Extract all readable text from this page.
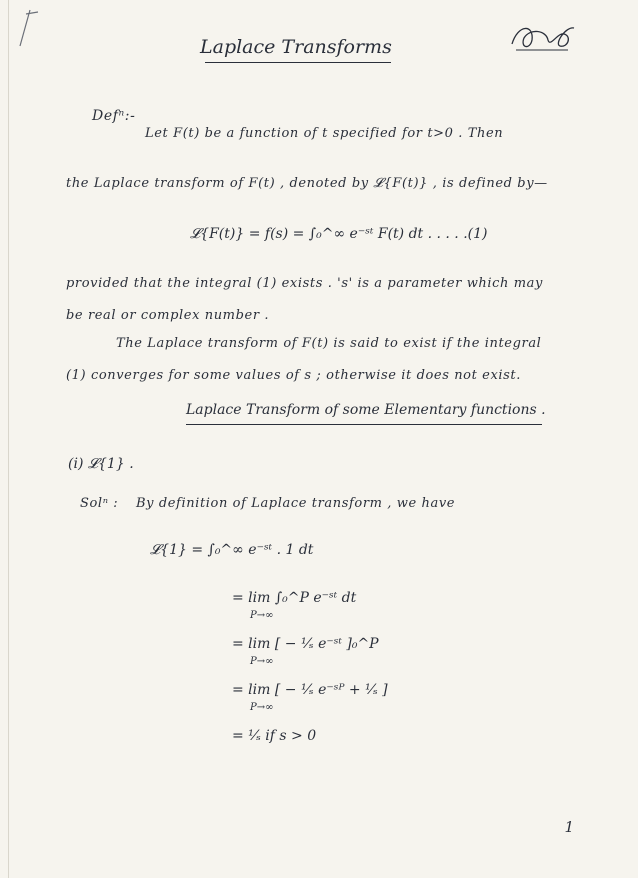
Laplace Transforms
Defⁿ:-
Let F(t) be a function of t specified for t>0 . Then
the Laplace transform of F(t) , denoted by 𝓛{F(t)} , is defined by—
𝓛{F(t)} = f(s) = ∫₀^∞ e⁻ˢᵗ F(t) dt . . . . .(1)
provided that the integral (1) exists . 's' is a parameter which may
be real or complex number .
The Laplace transform of F(t) is said to exist if the integral
(1) converges for some values of s ; otherwise it does not exist.
Laplace Transform of some Elementary functions .
(i) 𝓛{1} .
Solⁿ : By definition of Laplace transform , we have
𝓛{1} = ∫₀^∞ e⁻ˢᵗ . 1 dt
= lim ∫₀^P e⁻ˢᵗ dt
P→∞
= lim [ − ¹⁄ₛ e⁻ˢᵗ ]₀^P
P→∞
= lim [ − ¹⁄ₛ e⁻ˢᴾ + ¹⁄ₛ ]
P→∞
= ¹⁄ₛ if s > 0
1
